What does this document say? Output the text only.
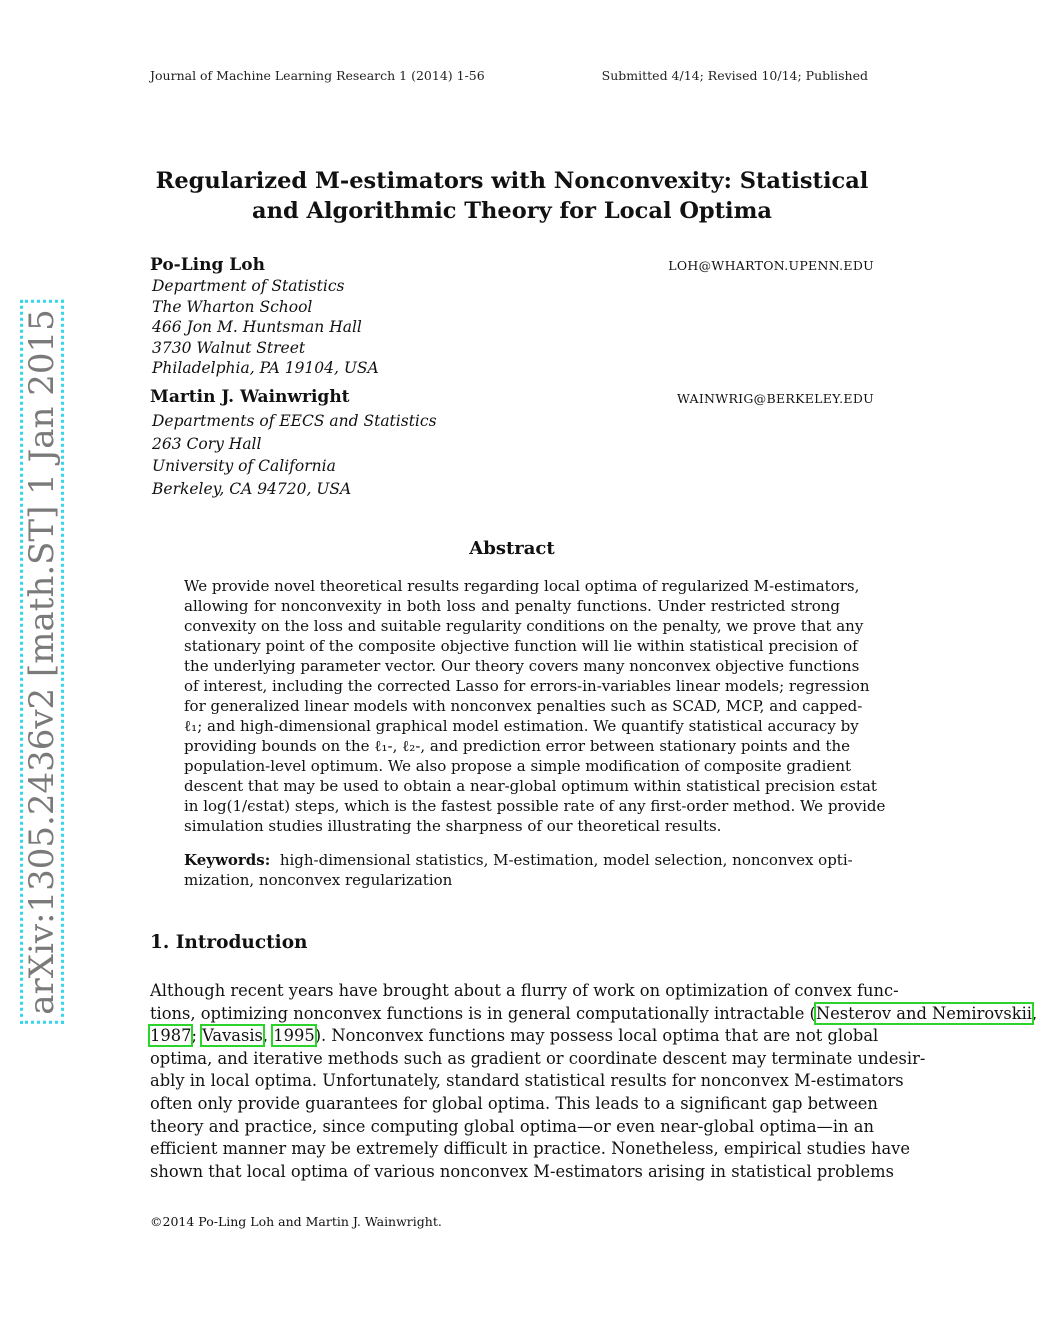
Journal of Machine Learning Research 1 (2014) 1-56	Submitted 4/14; Revised 10/14; Published
arXiv:1305.2436v2 [math.ST] 1 Jan 2015
Regularized M-estimators with Nonconvexity: Statistical
and Algorithmic Theory for Local Optima
Po-Ling Loh	LOH@WHARTON.UPENN.EDU
Department of Statistics
The Wharton School
466 Jon M. Huntsman Hall
3730 Walnut Street
Philadelphia, PA 19104, USA
Martin J. Wainwright	WAINWRIG@BERKELEY.EDU
Departments of EECS and Statistics
263 Cory Hall
University of California
Berkeley, CA 94720, USA
Abstract
We provide novel theoretical results regarding local optima of regularized M-estimators,
allowing for nonconvexity in both loss and penalty functions. Under restricted strong
convexity on the loss and suitable regularity conditions on the penalty, we prove that any
stationary point of the composite objective function will lie within statistical precision of
the underlying parameter vector. Our theory covers many nonconvex objective functions
of interest, including the corrected Lasso for errors-in-variables linear models; regression
for generalized linear models with nonconvex penalties such as SCAD, MCP, and capped-
ℓ₁; and high-dimensional graphical model estimation. We quantify statistical accuracy by
providing bounds on the ℓ₁-, ℓ₂-, and prediction error between stationary points and the
population-level optimum. We also propose a simple modification of composite gradient
descent that may be used to obtain a near-global optimum within statistical precision ϵstat
in log(1/ϵstat) steps, which is the fastest possible rate of any first-order method. We provide
simulation studies illustrating the sharpness of our theoretical results.
Keywords: high-dimensional statistics, M-estimation, model selection, nonconvex opti-
mization, nonconvex regularization
1. Introduction
Although recent years have brought about a flurry of work on optimization of convex func-
tions, optimizing nonconvex functions is in general computationally intractable (Nesterov and Nemirovskii,
1987; Vavasis, 1995). Nonconvex functions may possess local optima that are not global
optima, and iterative methods such as gradient or coordinate descent may terminate undesir-
ably in local optima. Unfortunately, standard statistical results for nonconvex M-estimators
often only provide guarantees for global optima. This leads to a significant gap between
theory and practice, since computing global optima—or even near-global optima—in an
efficient manner may be extremely difficult in practice. Nonetheless, empirical studies have
shown that local optima of various nonconvex M-estimators arising in statistical problems
©2014 Po-Ling Loh and Martin J. Wainwright.
